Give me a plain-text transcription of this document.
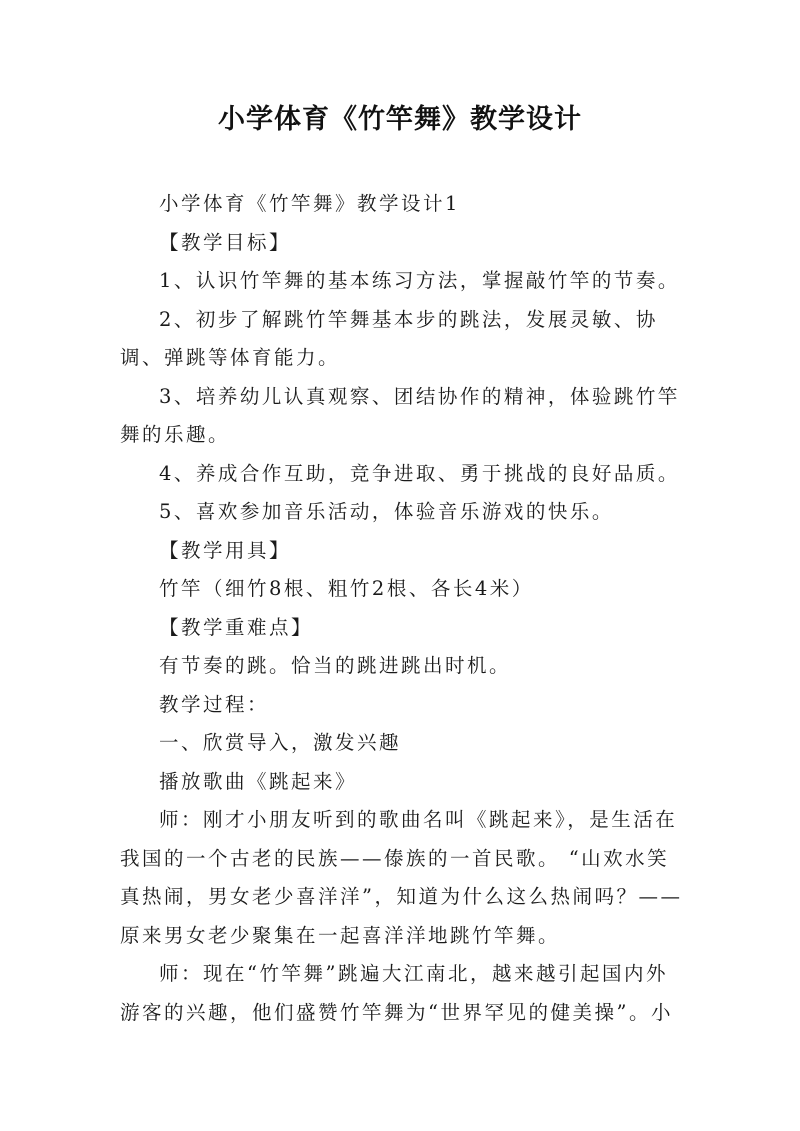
小学体育《竹竿舞》教学设计

小学体育《竹竿舞》教学设计1

【教学目标】

1、认识竹竿舞的基本练习方法，掌握敲竹竿的节奏。

2、初步了解跳竹竿舞基本步的跳法，发展灵敏、协调、弹跳等体育能力。

3、培养幼儿认真观察、团结协作的精神，体验跳竹竿舞的乐趣。

4、养成合作互助，竞争进取、勇于挑战的良好品质。

5、喜欢参加音乐活动，体验音乐游戏的快乐。

【教学用具】

竹竿（细竹8根、粗竹2根、各长4米）

【教学重难点】

有节奏的跳。恰当的跳进跳出时机。

教学过程：

一、欣赏导入，激发兴趣

播放歌曲《跳起来》

师：刚才小朋友听到的歌曲名叫《跳起来》，是生活在我国的一个古老的民族——傣族的一首民歌。 “山欢水笑真热闹，男女老少喜洋洋”，知道为什么这么热闹吗？——原来男女老少聚集在一起喜洋洋地跳竹竿舞。

师：现在“竹竿舞”跳遍大江南北，越来越引起国内外游客的兴趣，他们盛赞竹竿舞为“世界罕见的健美操”。小
